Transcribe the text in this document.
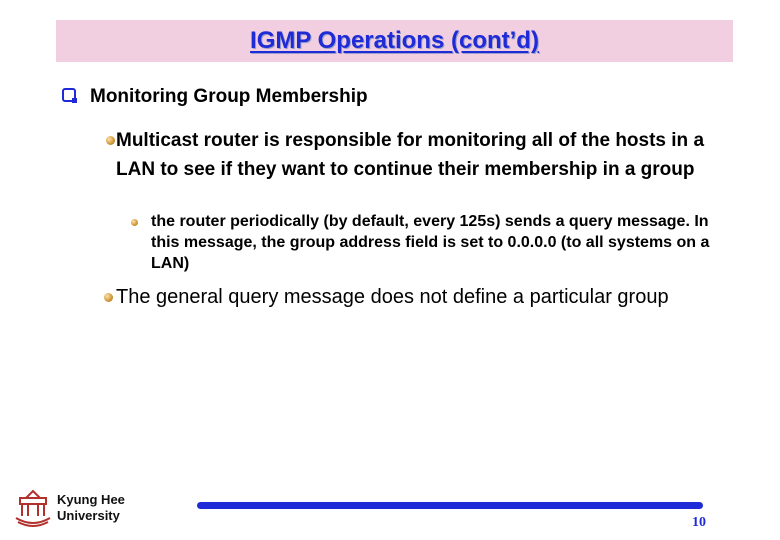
IGMP Operations (cont’d)
Monitoring Group Membership
Multicast router is responsible for monitoring all of the hosts in a LAN to see if they want to continue their membership in a group
the router periodically (by default, every 125s) sends a query message. In this message, the group address field is set to 0.0.0.0 (to all systems on a LAN)
The general query message does not define a particular group
Kyung Hee
University	10
